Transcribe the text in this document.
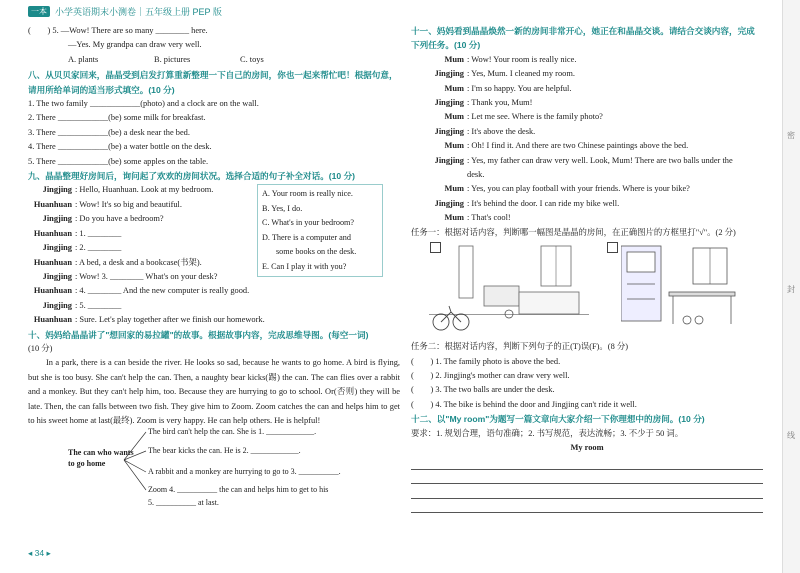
一本 小学英语期末小测卷｜五年级上册 PEP 版
(　　) 5. —Wow! There are so many ________ here.
—Yes. My grandpa can draw very well.
A. plants	B. pictures	C. toys
八、从贝贝家回来，晶晶受到启发打算重新整理一下自己的房间，你也一起来帮忙吧！根据句意，请用所给单词的适当形式填空。(10 分)
1. The two family ____________(photo) and a clock are on the wall.
2. There ____________(be) some milk for breakfast.
3. There ____________(be) a desk near the bed.
4. There ____________(be) a water bottle on the desk.
5. There ____________(be) some apples on the table.
九、晶晶整理好房间后，询问起了欢欢的房间状况。选择合适的句子补全对话。(10 分)
Jingjing : Hello, Huanhuan. Look at my bedroom.
Huanhuan : Wow! It's so big and beautiful.
Jingjing : Do you have a bedroom?
Huanhuan : 1. ________
Jingjing : 2. ________
Huanhuan : A bed, a desk and a bookcase(书架).
Jingjing : Wow! 3. ________ What's on your desk?
Huanhuan : 4. ________ And the new computer is really good.
Jingjing : 5. ________
Huanhuan : Sure. Let's play together after we finish our homework.
A. Your room is really nice.
B. Yes, I do.
C. What's in your bedroom?
D. There is a computer and
some books on the desk.
E. Can I play it with you?
十、妈妈给晶晶讲了"想回家的易拉罐"的故事。根据故事内容，完成思维导图。(每空一词)
(10 分)
In a park, there is a can beside the river. He looks so sad, because he wants to go home. A bird is flying, but she is too busy. She can't help the can. Then, a naughty bear kicks(踢) the can. The can flies over a rabbit and a monkey. But they can't help him, too. Because they are hurrying to go to school. Or(否则) they will be late. Then, the can falls between two fish. They give him to Zoom. Zoom catches the can and helps him to get to his sweet home at last(最终). Zoom is very happy. He can help others. He is helpful!
The can who wants
to go home
The bird can't help the can. She is 1. ____________.
The bear kicks the can. He is 2. ____________.
A rabbit and a monkey are hurrying to go to 3. __________.
Zoom 4. __________ the can and helps him to get to his
5. __________ at last.
十一、妈妈看到晶晶焕然一新的房间非常开心，她正在和晶晶交谈。请结合交谈内容，完成下列任务。(10 分)
Mum : Wow! Your room is really nice.
Jingjing : Yes, Mum. I cleaned my room.
Mum : I'm so happy. You are helpful.
Jingjing : Thank you, Mum!
Mum : Let me see. Where is the family photo?
Jingjing : It's above the desk.
Mum : Oh! I find it. And there are two Chinese paintings above the bed.
Jingjing : Yes, my father can draw very well. Look, Mum! There are two balls under the
desk.
Mum : Yes, you can play football with your friends. Where is your bike?
Jingjing : It's behind the door. I can ride my bike well.
Mum : That's cool!
任务一：根据对话内容，判断哪一幅图是晶晶的房间，在正确图片的方框里打"√"。(2 分)
任务二：根据对话内容，判断下列句子的正(T)误(F)。(8 分)
(　　) 1. The family photo is above the bed.
(　　) 2. Jingjing's mother can draw very well.
(　　) 3. The two balls are under the desk.
(　　) 4. The bike is behind the door and Jingjing can't ride it well.
十二、以"My room"为题写一篇文章向大家介绍一下你理想中的房间。(10 分)
要求：1. 规划合理，语句准确；2. 书写规范，表达流畅；3. 不少于 50 词。
My room
◂ 34 ▸
密
封
线
